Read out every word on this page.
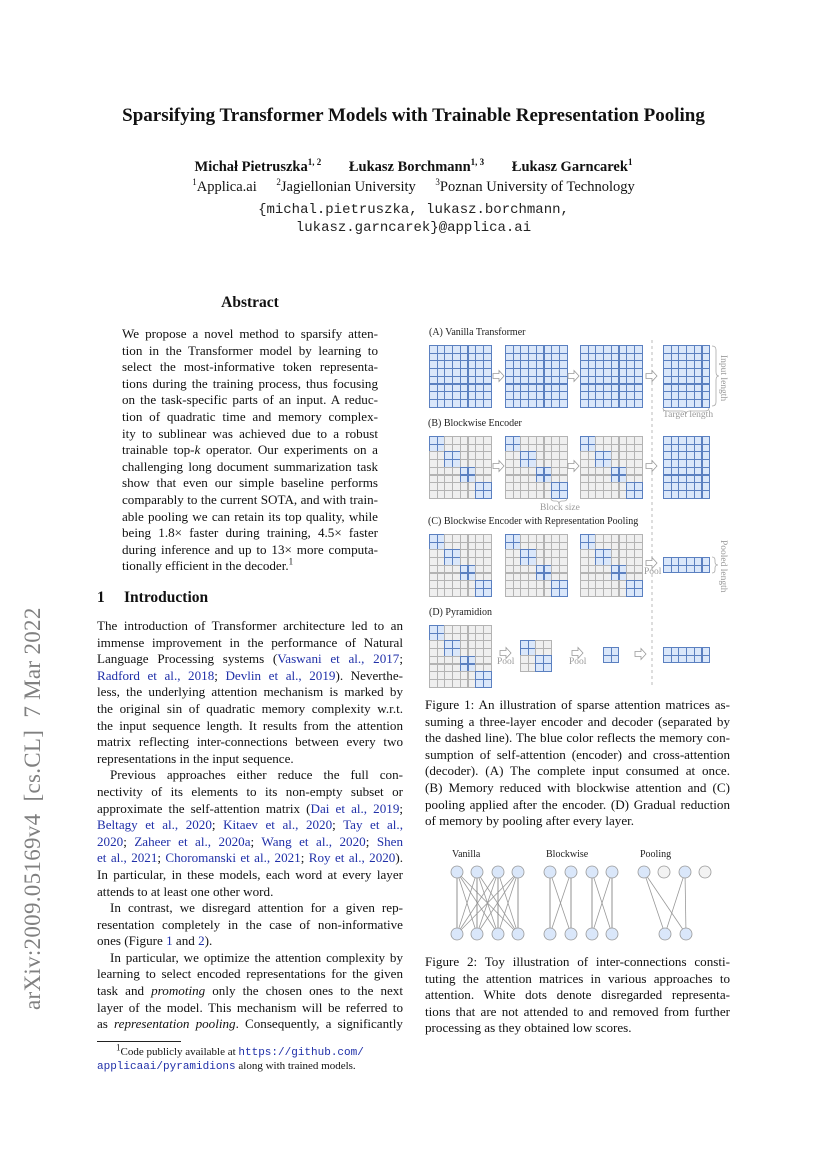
arXiv:2009.05169v4  [cs.CL]  7 Mar 2022
Sparsifying Transformer Models with Trainable Representation Pooling
Michał Pietruszka$^{1, 2}$ Łukasz Borchmann$^{1, 3}$ Łukasz Garncarek$^1$
$^1$Applica.ai $^2$Jagiellonian University $^3$Poznan University of Technology
{michal.pietruszka, lukasz.borchmann,
lukasz.garncarek}@applica.ai
Abstract
We propose a novel method to sparsify atten-
tion in the Transformer model by learning to
select the most-informative token representa-
tions during the training process, thus focusing
on the task-specific parts of an input. A reduc-
tion of quadratic time and memory complex-
ity to sublinear was achieved due to a robust
trainable top-k operator. Our experiments on a
challenging long document summarization task
show that even our simple baseline performs
comparably to the current SOTA, and with train-
able pooling we can retain its top quality, while
being 1.8× faster during training, 4.5× faster
during inference and up to 13× more computa-
tionally efficient in the decoder.$^1$
1 Introduction
The introduction of Transformer architecture led to an
immense improvement in the performance of Natural
Language Processing systems (Vaswani et al., 2017;
Radford et al., 2018; Devlin et al., 2019). Neverthe-
less, the underlying attention mechanism is marked by
the original sin of quadratic memory complexity w.r.t.
the input sequence length. It results from the attention
matrix reflecting inter-connections between every two
representations in the input sequence.
Previous approaches either reduce the full con-
nectivity of its elements to its non-empty subset or
approximate the self-attention matrix (Dai et al., 2019;
Beltagy et al., 2020; Kitaev et al., 2020; Tay et al.,
2020; Zaheer et al., 2020a; Wang et al., 2020; Shen
et al., 2021; Choromanski et al., 2021; Roy et al., 2020).
In particular, in these models, each word at every layer
attends to at least one other word.
In contrast, we disregard attention for a given rep-
resentation completely in the case of non-informative
ones (Figure 1 and 2).
In particular, we optimize the attention complexity by
learning to select encoded representations for the given
task and promoting only the chosen ones to the next
layer of the model. This mechanism will be referred to
as representation pooling. Consequently, a significantly
$^1$Code publicly available at https://github.com/
applicaai/pyramidions along with trained models.
(A) Vanilla Transformer
(B) Blockwise Encoder
(C) Blockwise Encoder with Representation Pooling
(D) Pyramidion
Input length
Target length
Block size
Pooled length
Pool
Pool	Pool
Figure 1: An illustration of sparse attention matrices as-
suming a three-layer encoder and decoder (separated by
the dashed line). The blue color reflects the memory con-
sumption of self-attention (encoder) and cross-attention
(decoder). (A) The complete input consumed at once.
(B) Memory reduced with blockwise attention and (C)
pooling applied after the encoder. (D) Gradual reduction
of memory by pooling after every layer.
Vanilla	Blockwise	Pooling
Figure 2: Toy illustration of inter-connections consti-
tuting the attention matrices in various approaches to
attention. White dots denote disregarded representa-
tions that are not attended to and removed from further
processing as they obtained low scores.
